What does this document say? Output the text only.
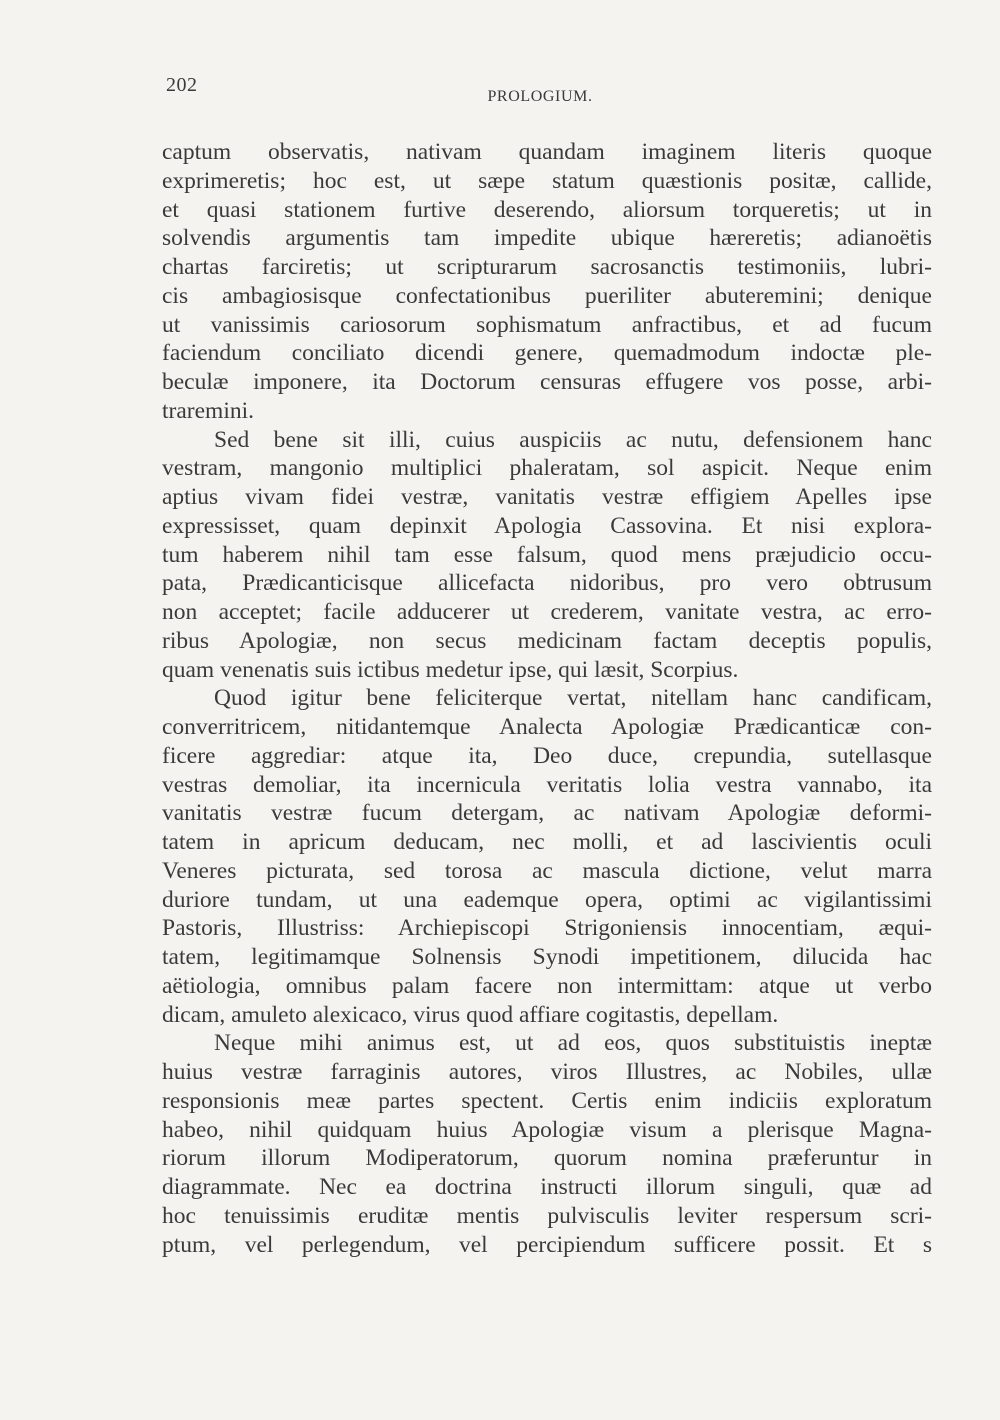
202
PROLOGIUM.
captum observatis, nativam quandam imaginem literis quoque
exprimeretis; hoc est, ut sæpe statum quæstionis positæ, callide,
et quasi stationem furtive deserendo, aliorsum torqueretis; ut in
solvendis argumentis tam impedite ubique hæreretis; adianoëtis
chartas farciretis; ut scripturarum sacrosanctis testimoniis, lubri-
cis ambagiosisque confectationibus pueriliter abuteremini; denique
ut vanissimis cariosorum sophismatum anfractibus, et ad fucum
faciendum conciliato dicendi genere, quemadmodum indoctæ ple-
beculæ imponere, ita Doctorum censuras effugere vos posse, arbi-
traremini.
Sed bene sit illi, cuius auspiciis ac nutu, defensionem hanc
vestram, mangonio multiplici phaleratam, sol aspicit. Neque enim
aptius vivam fidei vestræ, vanitatis vestræ effigiem Apelles ipse
expressisset, quam depinxit Apologia Cassovina. Et nisi explora-
tum haberem nihil tam esse falsum, quod mens præjudicio occu-
pata, Prædicanticisque allicefacta nidoribus, pro vero obtrusum
non acceptet; facile adducerer ut crederem, vanitate vestra, ac erro-
ribus Apologiæ, non secus medicinam factam deceptis populis,
quam venenatis suis ictibus medetur ipse, qui læsit, Scorpius.
Quod igitur bene feliciterque vertat, nitellam hanc candificam,
converritricem, nitidantemque Analecta Apologiæ Prædicanticæ con-
ficere aggrediar: atque ita, Deo duce, crepundia, sutellasque
vestras demoliar, ita incernicula veritatis lolia vestra vannabo, ita
vanitatis vestræ fucum detergam, ac nativam Apologiæ deformi-
tatem in apricum deducam, nec molli, et ad lascivientis oculi
Veneres picturata, sed torosa ac mascula dictione, velut marra
duriore tundam, ut una eademque opera, optimi ac vigilantissimi
Pastoris, Illustriss: Archiepiscopi Strigoniensis innocentiam, æqui-
tatem, legitimamque Solnensis Synodi impetitionem, dilucida hac
aëtiologia, omnibus palam facere non intermittam: atque ut verbo
dicam, amuleto alexicaco, virus quod affiare cogitastis, depellam.
Neque mihi animus est, ut ad eos, quos substituistis ineptæ
huius vestræ farraginis autores, viros Illustres, ac Nobiles, ullæ
responsionis meæ partes spectent. Certis enim indiciis exploratum
habeo, nihil quidquam huius Apologiæ visum a plerisque Magna-
riorum illorum Modiperatorum, quorum nomina præferuntur in
diagrammate. Nec ea doctrina instructi illorum singuli, quæ ad
hoc tenuissimis eruditæ mentis pulvisculis leviter respersum scri-
ptum, vel perlegendum, vel percipiendum sufficere possit. Et s
